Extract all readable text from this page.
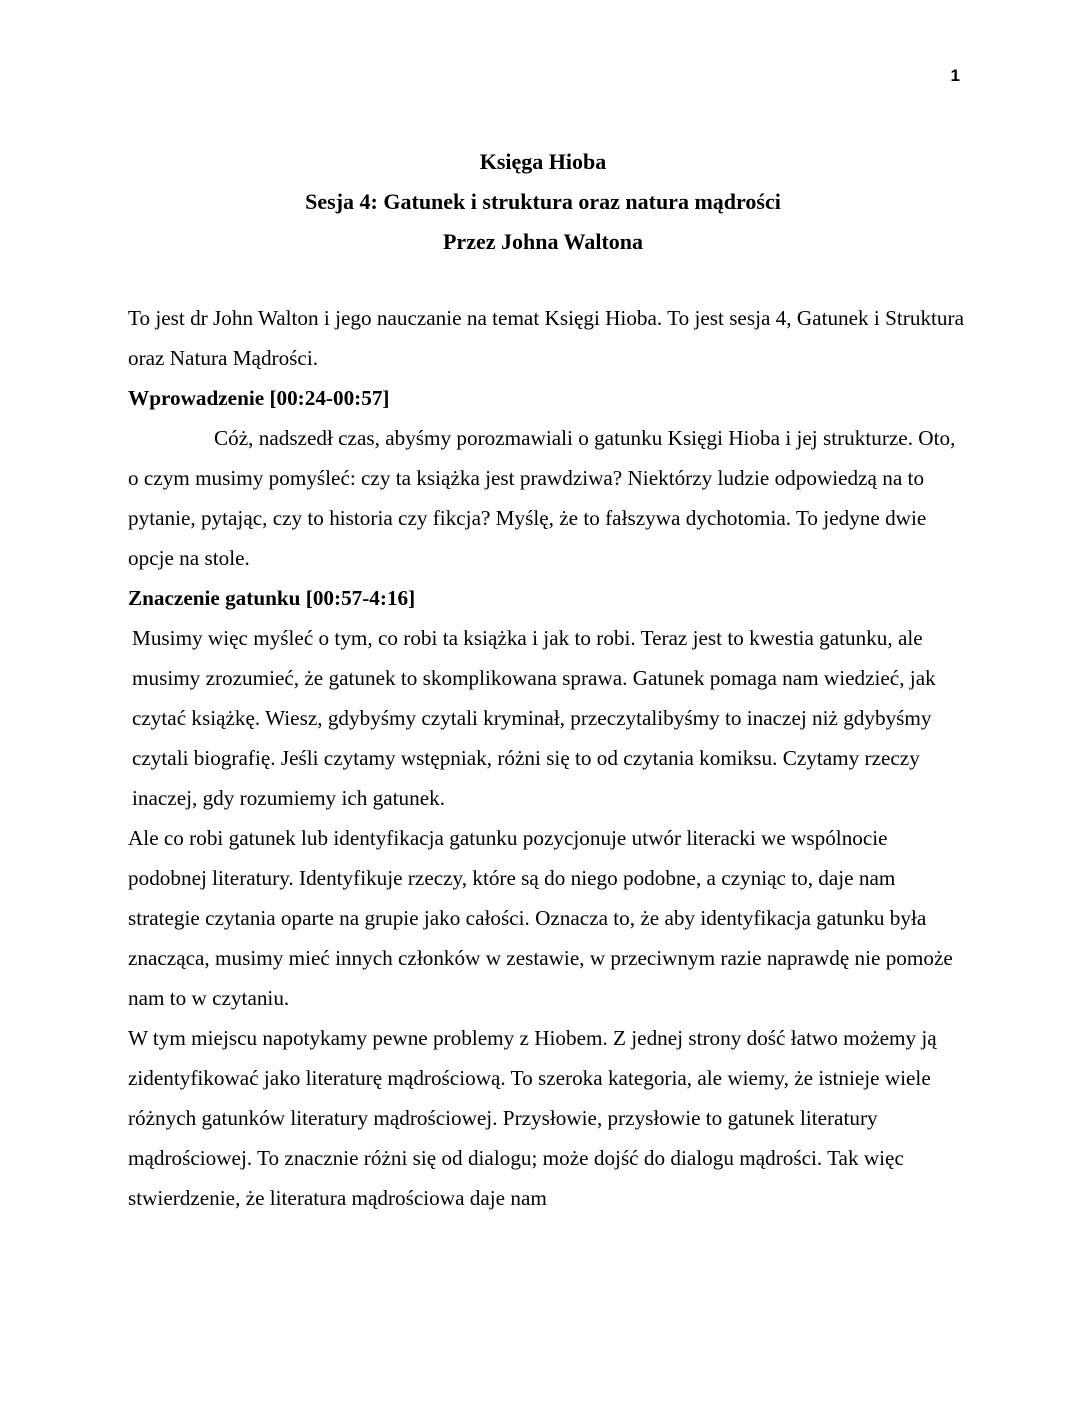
1
Księga Hioba
Sesja 4: Gatunek i struktura oraz natura mądrości
Przez Johna Waltona

To jest dr John Walton i jego nauczanie na temat Księgi Hioba. To jest sesja 4, Gatunek i Struktura oraz Natura Mądrości.

Wprowadzenie [00:24-00:57]

Cóż, nadszedł czas, abyśmy porozmawiali o gatunku Księgi Hioba i jej strukturze. Oto, o czym musimy pomyśleć: czy ta książka jest prawdziwa? Niektórzy ludzie odpowiedzą na to pytanie, pytając, czy to historia czy fikcja? Myślę, że to fałszywa dychotomia. To jedyne dwie opcje na stole.

Znaczenie gatunku [00:57-4:16]

Musimy więc myśleć o tym, co robi ta książka i jak to robi. Teraz jest to kwestia gatunku, ale musimy zrozumieć, że gatunek to skomplikowana sprawa. Gatunek pomaga nam wiedzieć, jak czytać książkę. Wiesz, gdybyśmy czytali kryminał, przeczytalibyśmy to inaczej niż gdybyśmy czytali biografię. Jeśli czytamy wstępniak, różni się to od czytania komiksu. Czytamy rzeczy inaczej, gdy rozumiemy ich gatunek.

Ale co robi gatunek lub identyfikacja gatunku pozycjonuje utwór literacki we wspólnocie podobnej literatury. Identyfikuje rzeczy, które są do niego podobne, a czyniąc to, daje nam strategie czytania oparte na grupie jako całości. Oznacza to, że aby identyfikacja gatunku była znacząca, musimy mieć innych członków w zestawie, w przeciwnym razie naprawdę nie pomoże nam to w czytaniu.

W tym miejscu napotykamy pewne problemy z Hiobem. Z jednej strony dość łatwo możemy ją zidentyfikować jako literaturę mądrościową. To szeroka kategoria, ale wiemy, że istnieje wiele różnych gatunków literatury mądrościowej. Przysłowie, przysłowie to gatunek literatury mądrościowej. To znacznie różni się od dialogu; może dojść do dialogu mądrości. Tak więc stwierdzenie, że literatura mądrościowa daje nam
